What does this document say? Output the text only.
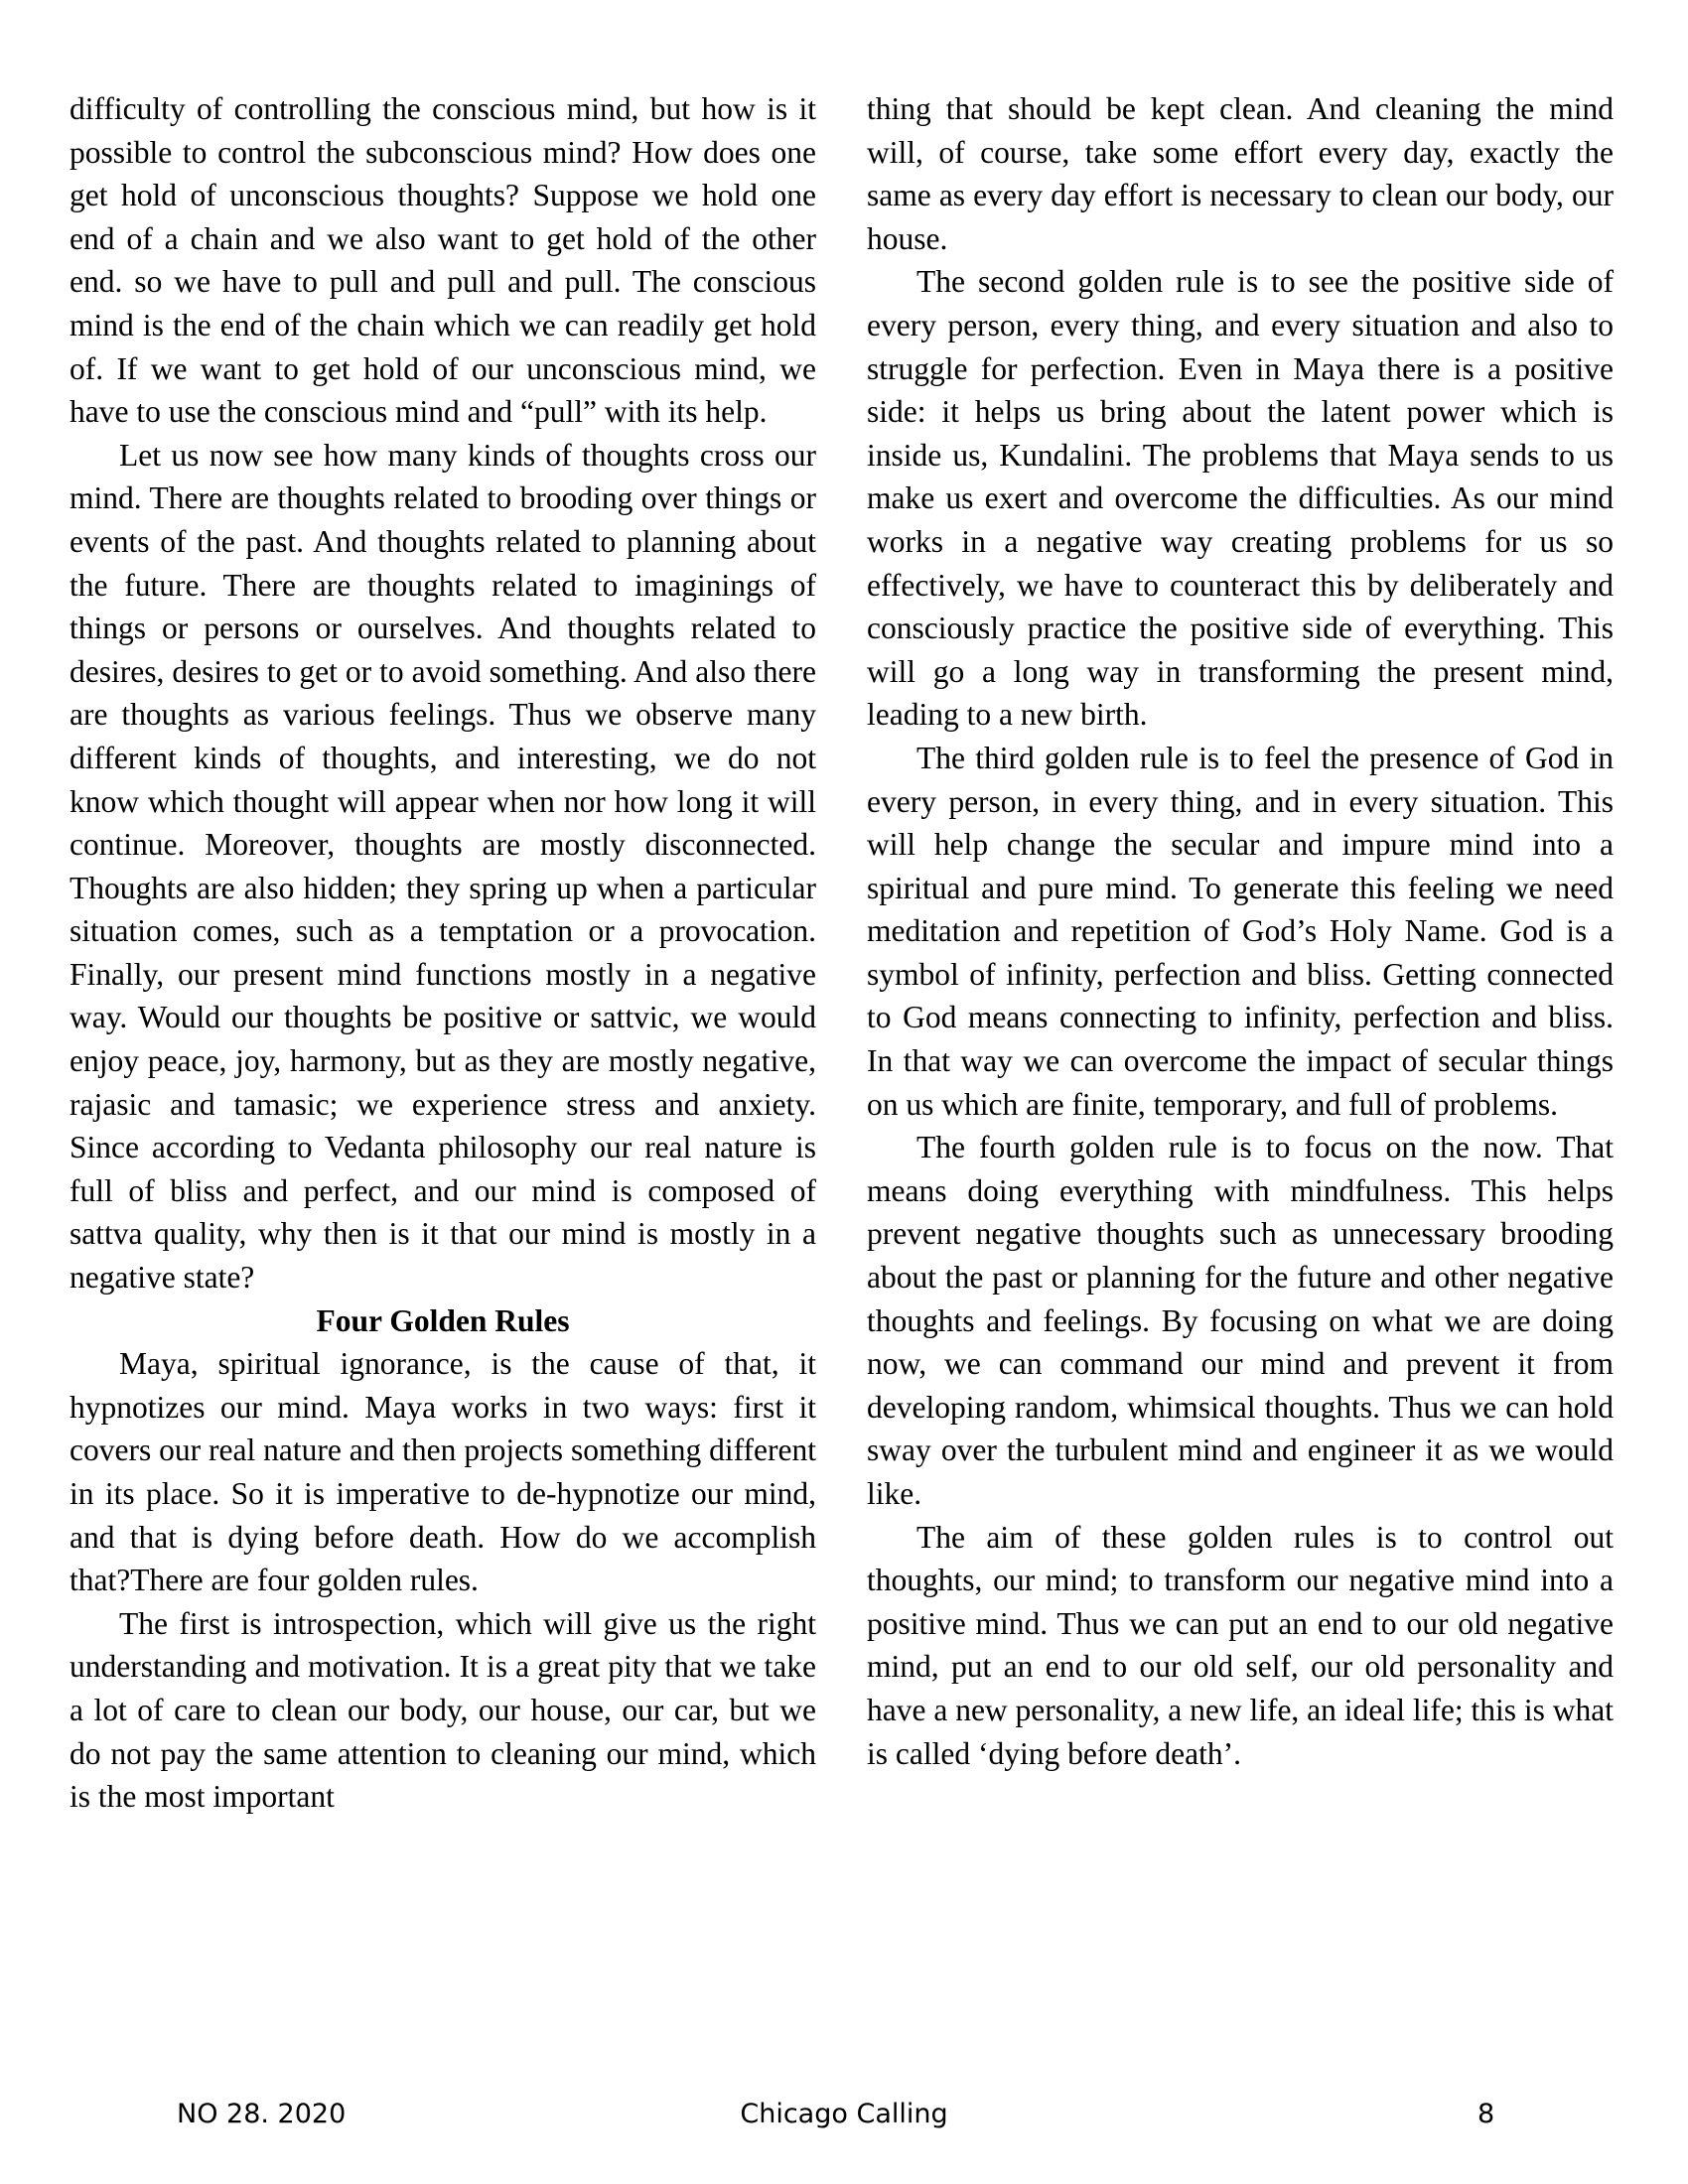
difficulty of controlling the conscious mind, but how is it possible to control the subconscious mind? How does one get hold of unconscious thoughts? Suppose we hold one end of a chain and we also want to get hold of the other end. so we have to pull and pull and pull. The conscious mind is the end of the chain which we can readily get hold of. If we want to get hold of our unconscious mind, we have to use the conscious mind and “pull” with its help.

Let us now see how many kinds of thoughts cross our mind. There are thoughts related to brooding over things or events of the past. And thoughts related to planning about the future. There are thoughts related to imaginings of things or persons or ourselves. And thoughts related to desires, desires to get or to avoid something. And also there are thoughts as various feelings. Thus we observe many different kinds of thoughts, and interesting, we do not know which thought will appear when nor how long it will continue. Moreover, thoughts are mostly disconnected. Thoughts are also hidden; they spring up when a particular situation comes, such as a temptation or a provocation. Finally, our present mind functions mostly in a negative way. Would our thoughts be positive or sattvic, we would enjoy peace, joy, harmony, but as they are mostly negative, rajasic and tamasic; we experience stress and anxiety. Since according to Vedanta philosophy our real nature is full of bliss and perfect, and our mind is composed of sattva quality, why then is it that our mind is mostly in a negative state?

Four Golden Rules

Maya, spiritual ignorance, is the cause of that, it hypnotizes our mind. Maya works in two ways: first it covers our real nature and then projects something different in its place. So it is imperative to de-hypnotize our mind, and that is dying before death. How do we accomplish that?There are four golden rules.

The first is introspection, which will give us the right understanding and motivation. It is a great pity that we take a lot of care to clean our body, our house, our car, but we do not pay the same attention to cleaning our mind, which is the most important

thing that should be kept clean. And cleaning the mind will, of course, take some effort every day, exactly the same as every day effort is necessary to clean our body, our house.

The second golden rule is to see the positive side of every person, every thing, and every situation and also to struggle for perfection. Even in Maya there is a positive side: it helps us bring about the latent power which is inside us, Kundalini. The problems that Maya sends to us make us exert and overcome the difficulties. As our mind works in a negative way creating problems for us so effectively, we have to counteract this by deliberately and consciously practice the positive side of everything. This will go a long way in transforming the present mind, leading to a new birth.

The third golden rule is to feel the presence of God in every person, in every thing, and in every situation. This will help change the secular and impure mind into a spiritual and pure mind. To generate this feeling we need meditation and repetition of God’s Holy Name. God is a symbol of infinity, perfection and bliss. Getting connected to God means connecting to infinity, perfection and bliss. In that way we can overcome the impact of secular things on us which are finite, temporary, and full of problems.

The fourth golden rule is to focus on the now. That means doing everything with mindfulness. This helps prevent negative thoughts such as unnecessary brooding about the past or planning for the future and other negative thoughts and feelings. By focusing on what we are doing now, we can command our mind and prevent it from developing random, whimsical thoughts. Thus we can hold sway over the turbulent mind and engineer it as we would like.

The aim of these golden rules is to control out thoughts, our mind; to transform our negative mind into a positive mind. Thus we can put an end to our old negative mind, put an end to our old self, our old personality and have a new personality, a new life, an ideal life; this is what is called ‘dying before death’.

NO 28. 2020	Chicago Calling	8
